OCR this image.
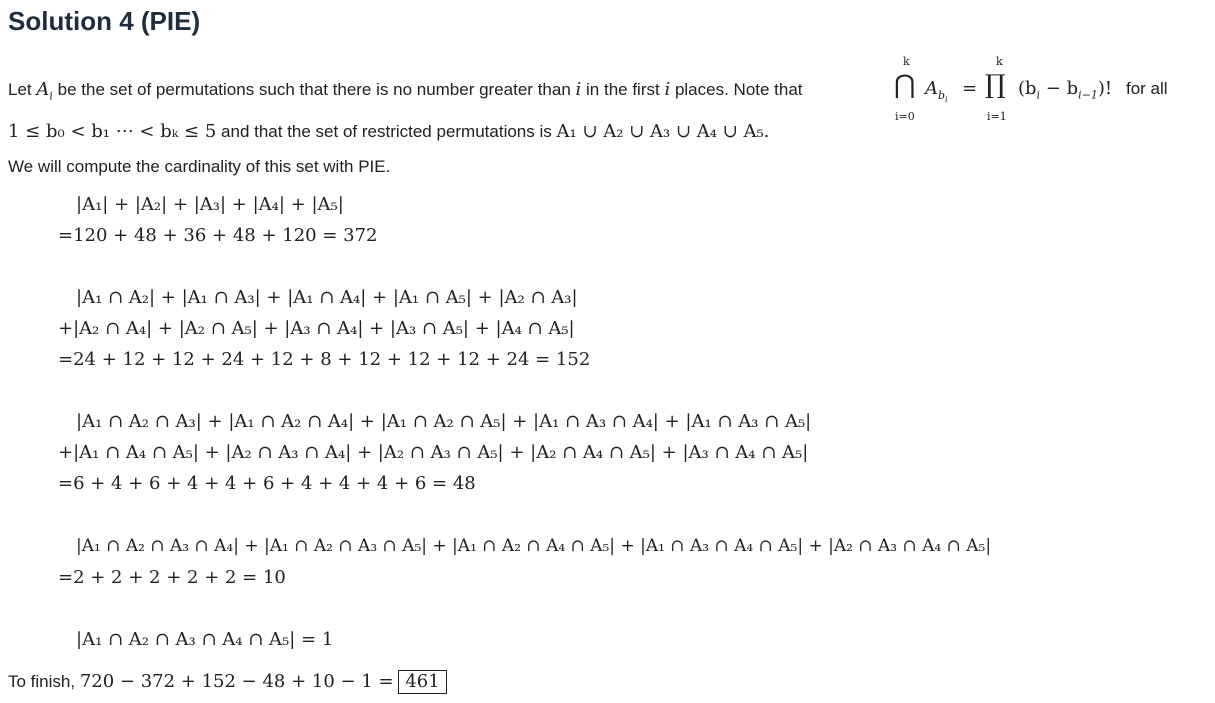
Solution 4 (PIE)
Let $A_i$ be the set of permutations such that there is no number greater than i in the first i places. Note that
k
⋂
i=0
$A_{b_i}$
=
k
∏
i=1
$(b_i - b_{i-1})$! for all
1 ≤ b₀ < b₁ ⋯ < bₖ ≤ 5 and that the set of restricted permutations is A₁ ∪ A₂ ∪ A₃ ∪ A₄ ∪ A₅.
We will compute the cardinality of this set with PIE.
|A₁| + |A₂| + |A₃| + |A₄| + |A₅|
=120 + 48 + 36 + 48 + 120 = 372
|A₁ ∩ A₂| + |A₁ ∩ A₃| + |A₁ ∩ A₄| + |A₁ ∩ A₅| + |A₂ ∩ A₃|
+|A₂ ∩ A₄| + |A₂ ∩ A₅| + |A₃ ∩ A₄| + |A₃ ∩ A₅| + |A₄ ∩ A₅|
=24 + 12 + 12 + 24 + 12 + 8 + 12 + 12 + 12 + 24 = 152
|A₁ ∩ A₂ ∩ A₃| + |A₁ ∩ A₂ ∩ A₄| + |A₁ ∩ A₂ ∩ A₅| + |A₁ ∩ A₃ ∩ A₄| + |A₁ ∩ A₃ ∩ A₅|
+|A₁ ∩ A₄ ∩ A₅| + |A₂ ∩ A₃ ∩ A₄| + |A₂ ∩ A₃ ∩ A₅| + |A₂ ∩ A₄ ∩ A₅| + |A₃ ∩ A₄ ∩ A₅|
=6 + 4 + 6 + 4 + 4 + 6 + 4 + 4 + 4 + 6 = 48
|A₁ ∩ A₂ ∩ A₃ ∩ A₄| + |A₁ ∩ A₂ ∩ A₃ ∩ A₅| + |A₁ ∩ A₂ ∩ A₄ ∩ A₅| + |A₁ ∩ A₃ ∩ A₄ ∩ A₅| + |A₂ ∩ A₃ ∩ A₄ ∩ A₅|
=2 + 2 + 2 + 2 + 2 = 10
|A₁ ∩ A₂ ∩ A₃ ∩ A₄ ∩ A₅| = 1
To finish, 720 − 372 + 152 − 48 + 10 − 1 = 461
